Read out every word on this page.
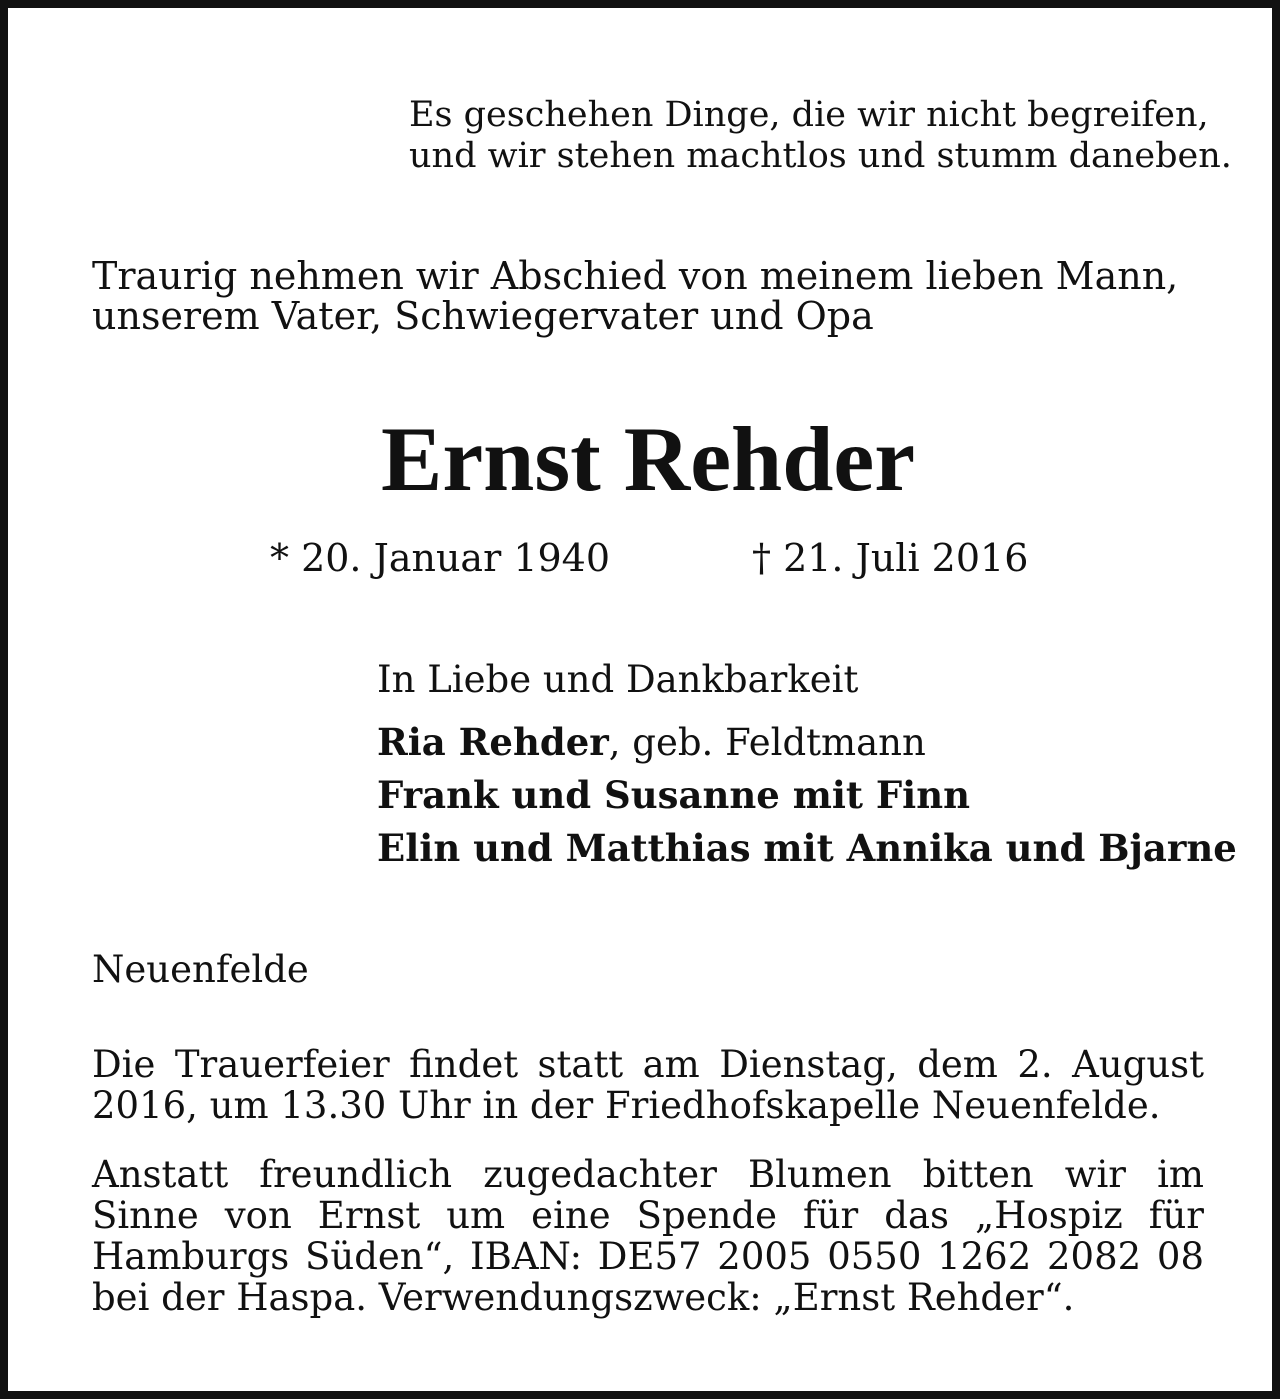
Es geschehen Dinge, die wir nicht begreifen,

und wir stehen machtlos und stumm daneben.

Traurig nehmen wir Abschied von meinem lieben Mann,

unserem Vater, Schwiegervater und Opa

Ernst Rehder

* 20. Januar 1940	† 21. Juli 2016

In Liebe und Dankbarkeit

Ria Rehder, geb. Feldtmann

Frank und Susanne mit Finn

Elin und Matthias mit Annika und Bjarne

Neuenfelde

Die Trauerfeier findet statt am Dienstag, dem 2. August
2016, um 13.30 Uhr in der Friedhofskapelle Neuenfelde.
Anstatt freundlich zugedachter Blumen bitten wir im
Sinne von Ernst um eine Spende für das „Hospiz für
Hamburgs Süden“, IBAN: DE57 2005 0550 1262 2082 08
bei der Haspa. Verwendungszweck: „Ernst Rehder“.
